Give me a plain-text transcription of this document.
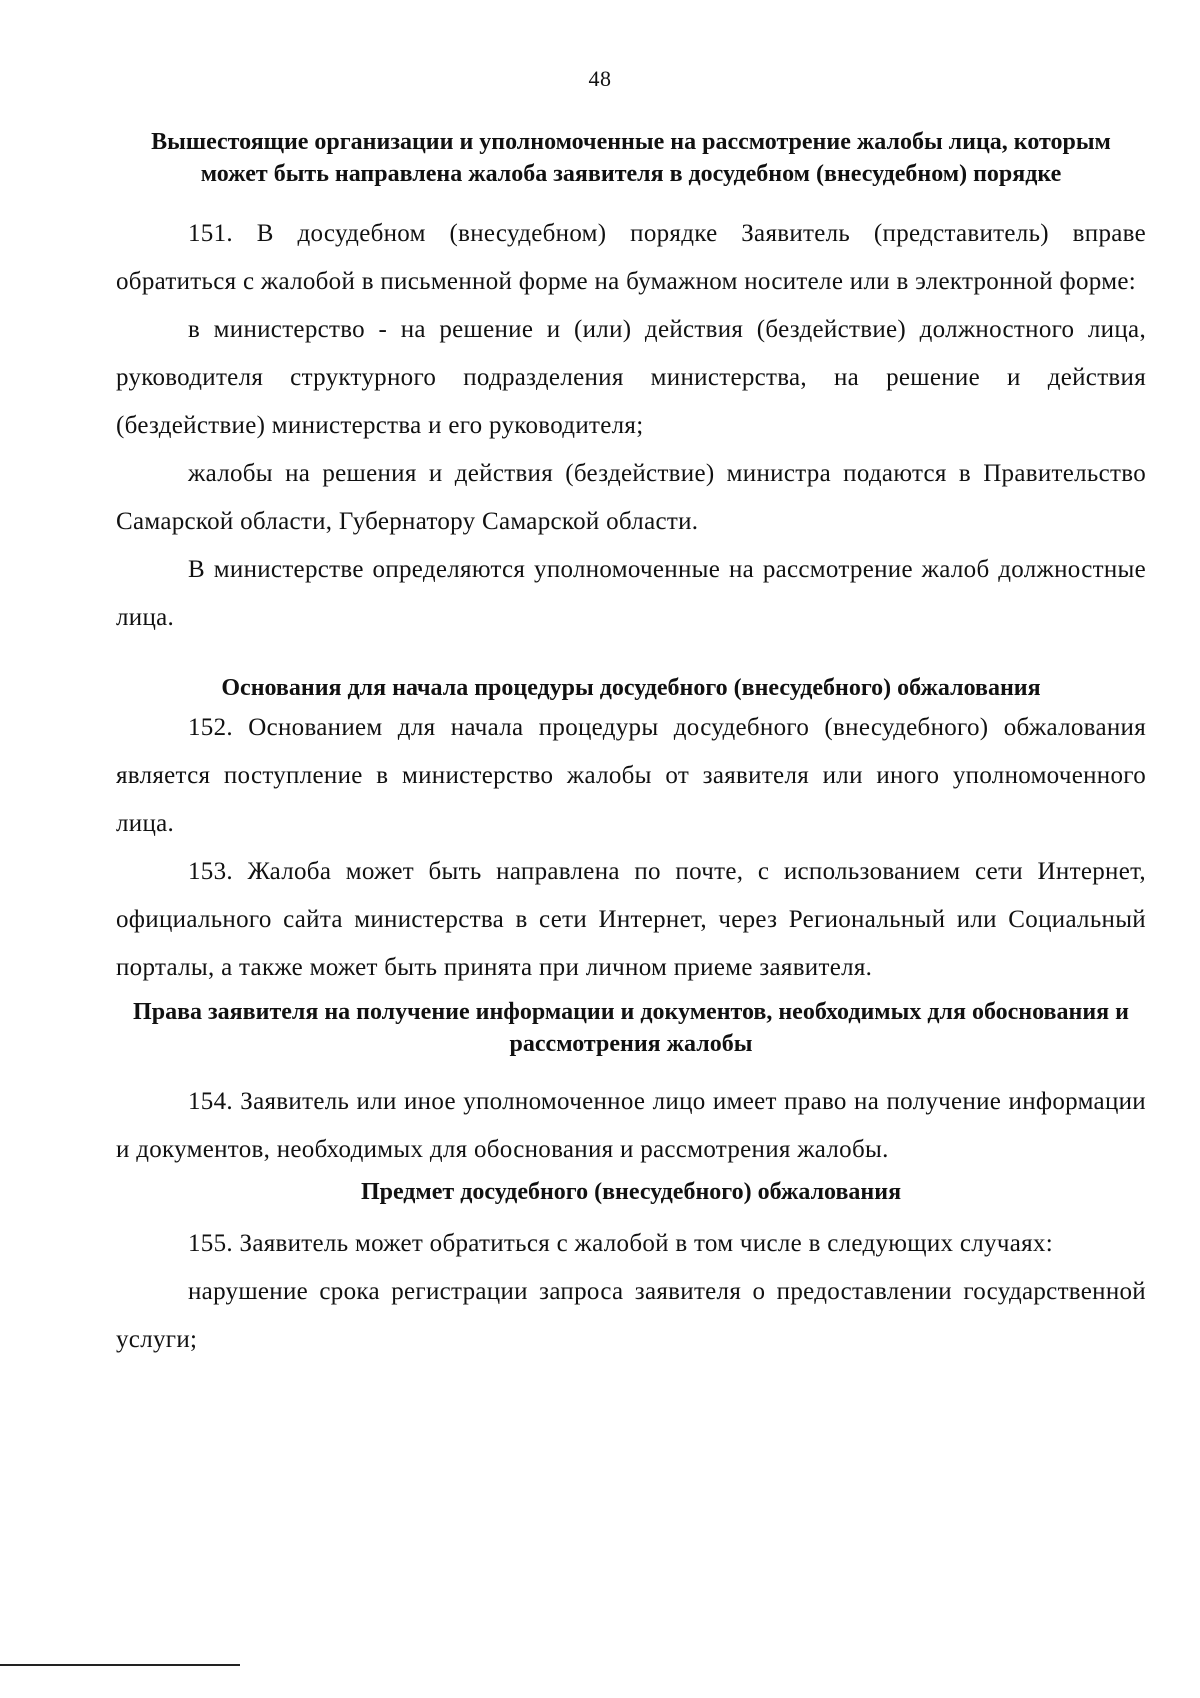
48

Вышестоящие организации и уполномоченные на рассмотрение жалобы лица, которым может быть направлена жалоба заявителя в досудебном (внесудебном) порядке

151. В досудебном (внесудебном) порядке Заявитель (представитель) вправе обратиться с жалобой в письменной форме на бумажном носителе или в электронной форме:

в министерство - на решение и (или) действия (бездействие) должностного лица, руководителя структурного подразделения министерства, на решение и действия (бездействие) министерства и его руководителя;

жалобы на решения и действия (бездействие) министра подаются в Правительство Самарской области, Губернатору Самарской области.

В министерстве определяются уполномоченные на рассмотрение жалоб должностные лица.

Основания для начала процедуры досудебного (внесудебного) обжалования

152. Основанием для начала процедуры досудебного (внесудебного) обжалования является поступление в министерство жалобы от заявителя или иного уполномоченного лица.

153. Жалоба может быть направлена по почте, с использованием сети Интернет, официального сайта министерства в сети Интернет, через Региональный или Социальный порталы, а также может быть принята при личном приеме заявителя.

Права заявителя на получение информации и документов, необходимых для обоснования и рассмотрения жалобы

154. Заявитель или иное уполномоченное лицо имеет право на получение информации и документов, необходимых для обоснования и рассмотрения жалобы.

Предмет досудебного (внесудебного) обжалования

155. Заявитель может обратиться с жалобой в том числе в следующих случаях:

нарушение срока регистрации запроса заявителя о предоставлении государственной услуги;
